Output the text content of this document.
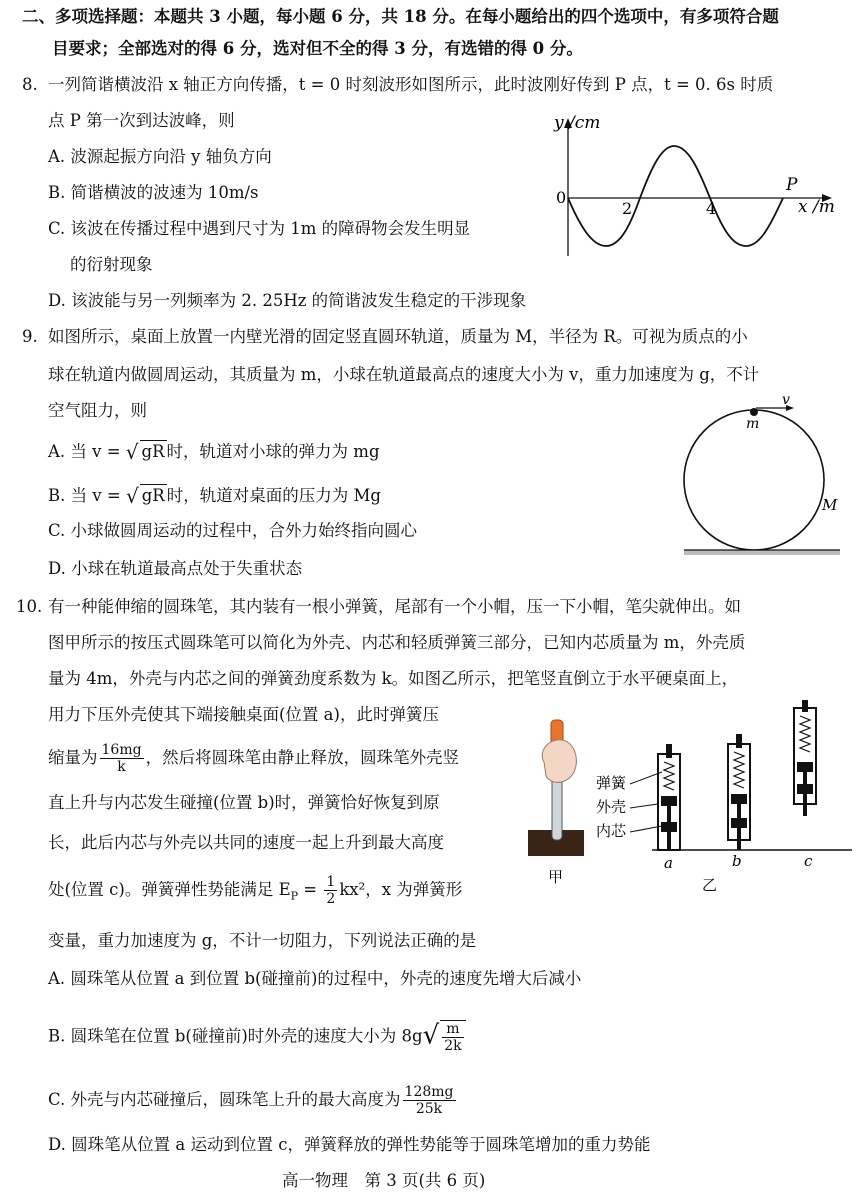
二、多项选择题：本题共 3 小题，每小题 6 分，共 18 分。在每小题给出的四个选项中，有多项符合题
目要求；全部选对的得 6 分，选对但不全的得 3 分，有选错的得 0 分。
8. 一列简谐横波沿 x 轴正方向传播，t = 0 时刻波形如图所示，此时波刚好传到 P 点，t = 0. 6s 时质
点 P 第一次到达波峰，则
A. 波源起振方向沿 y 轴负方向
B. 简谐横波的波速为 10m/s
C. 该波在传播过程中遇到尺寸为 1m 的障碍物会发生明显
的衍射现象
D. 该波能与另一列频率为 2. 25Hz 的简谐波发生稳定的干涉现象
y /cm
x /m
0
2	4
P
9. 如图所示，桌面上放置一内壁光滑的固定竖直圆环轨道，质量为 M，半径为 R。可视为质点的小
球在轨道内做圆周运动，其质量为 m，小球在轨道最高点的速度大小为 v，重力加速度为 g，不计
空气阻力，则
A. 当 v = √ gR 时，轨道对小球的弹力为 mg
B. 当 v = √ gR 时，轨道对桌面的压力为 Mg
C. 小球做圆周运动的过程中，合外力始终指向圆心
D. 小球在轨道最高点处于失重状态
v
m
M
10. 有一种能伸缩的圆珠笔，其内装有一根小弹簧，尾部有一个小帽，压一下小帽，笔尖就伸出。如
图甲所示的按压式圆珠笔可以简化为外壳、内芯和轻质弹簧三部分，已知内芯质量为 m，外壳质
量为 4m，外壳与内芯之间的弹簧劲度系数为 k。如图乙所示，把笔竖直倒立于水平硬桌面上，
用力下压外壳使其下端接触桌面(位置 a)，此时弹簧压
缩量为 $\frac{16mg}{k}$ ，然后将圆珠笔由静止释放，圆珠笔外壳竖
直上升与内芯发生碰撞(位置 b)时，弹簧恰好恢复到原
长，此后内芯与外壳以共同的速度一起上升到最大高度
处(位置 c)。弹簧弹性势能满足 $E_P = \frac{1}{2} kx^2$，x 为弹簧形
变量，重力加速度为 g，不计一切阻力，下列说法正确的是
A. 圆珠笔从位置 a 到位置 b(碰撞前)的过程中，外壳的速度先增大后减小
B. 圆珠笔在位置 b(碰撞前)时外壳的速度大小为 $8g√ \frac{m}{2k}$
C. 外壳与内芯碰撞后，圆珠笔上升的最大高度为 $\frac{128mg}{25k}$
D. 圆珠笔从位置 a 运动到位置 c，弹簧释放的弹性势能等于圆珠笔增加的重力势能
甲
弹簧
外壳
内芯
a	b	c
乙
高一物理　第 3 页(共 6 页)
